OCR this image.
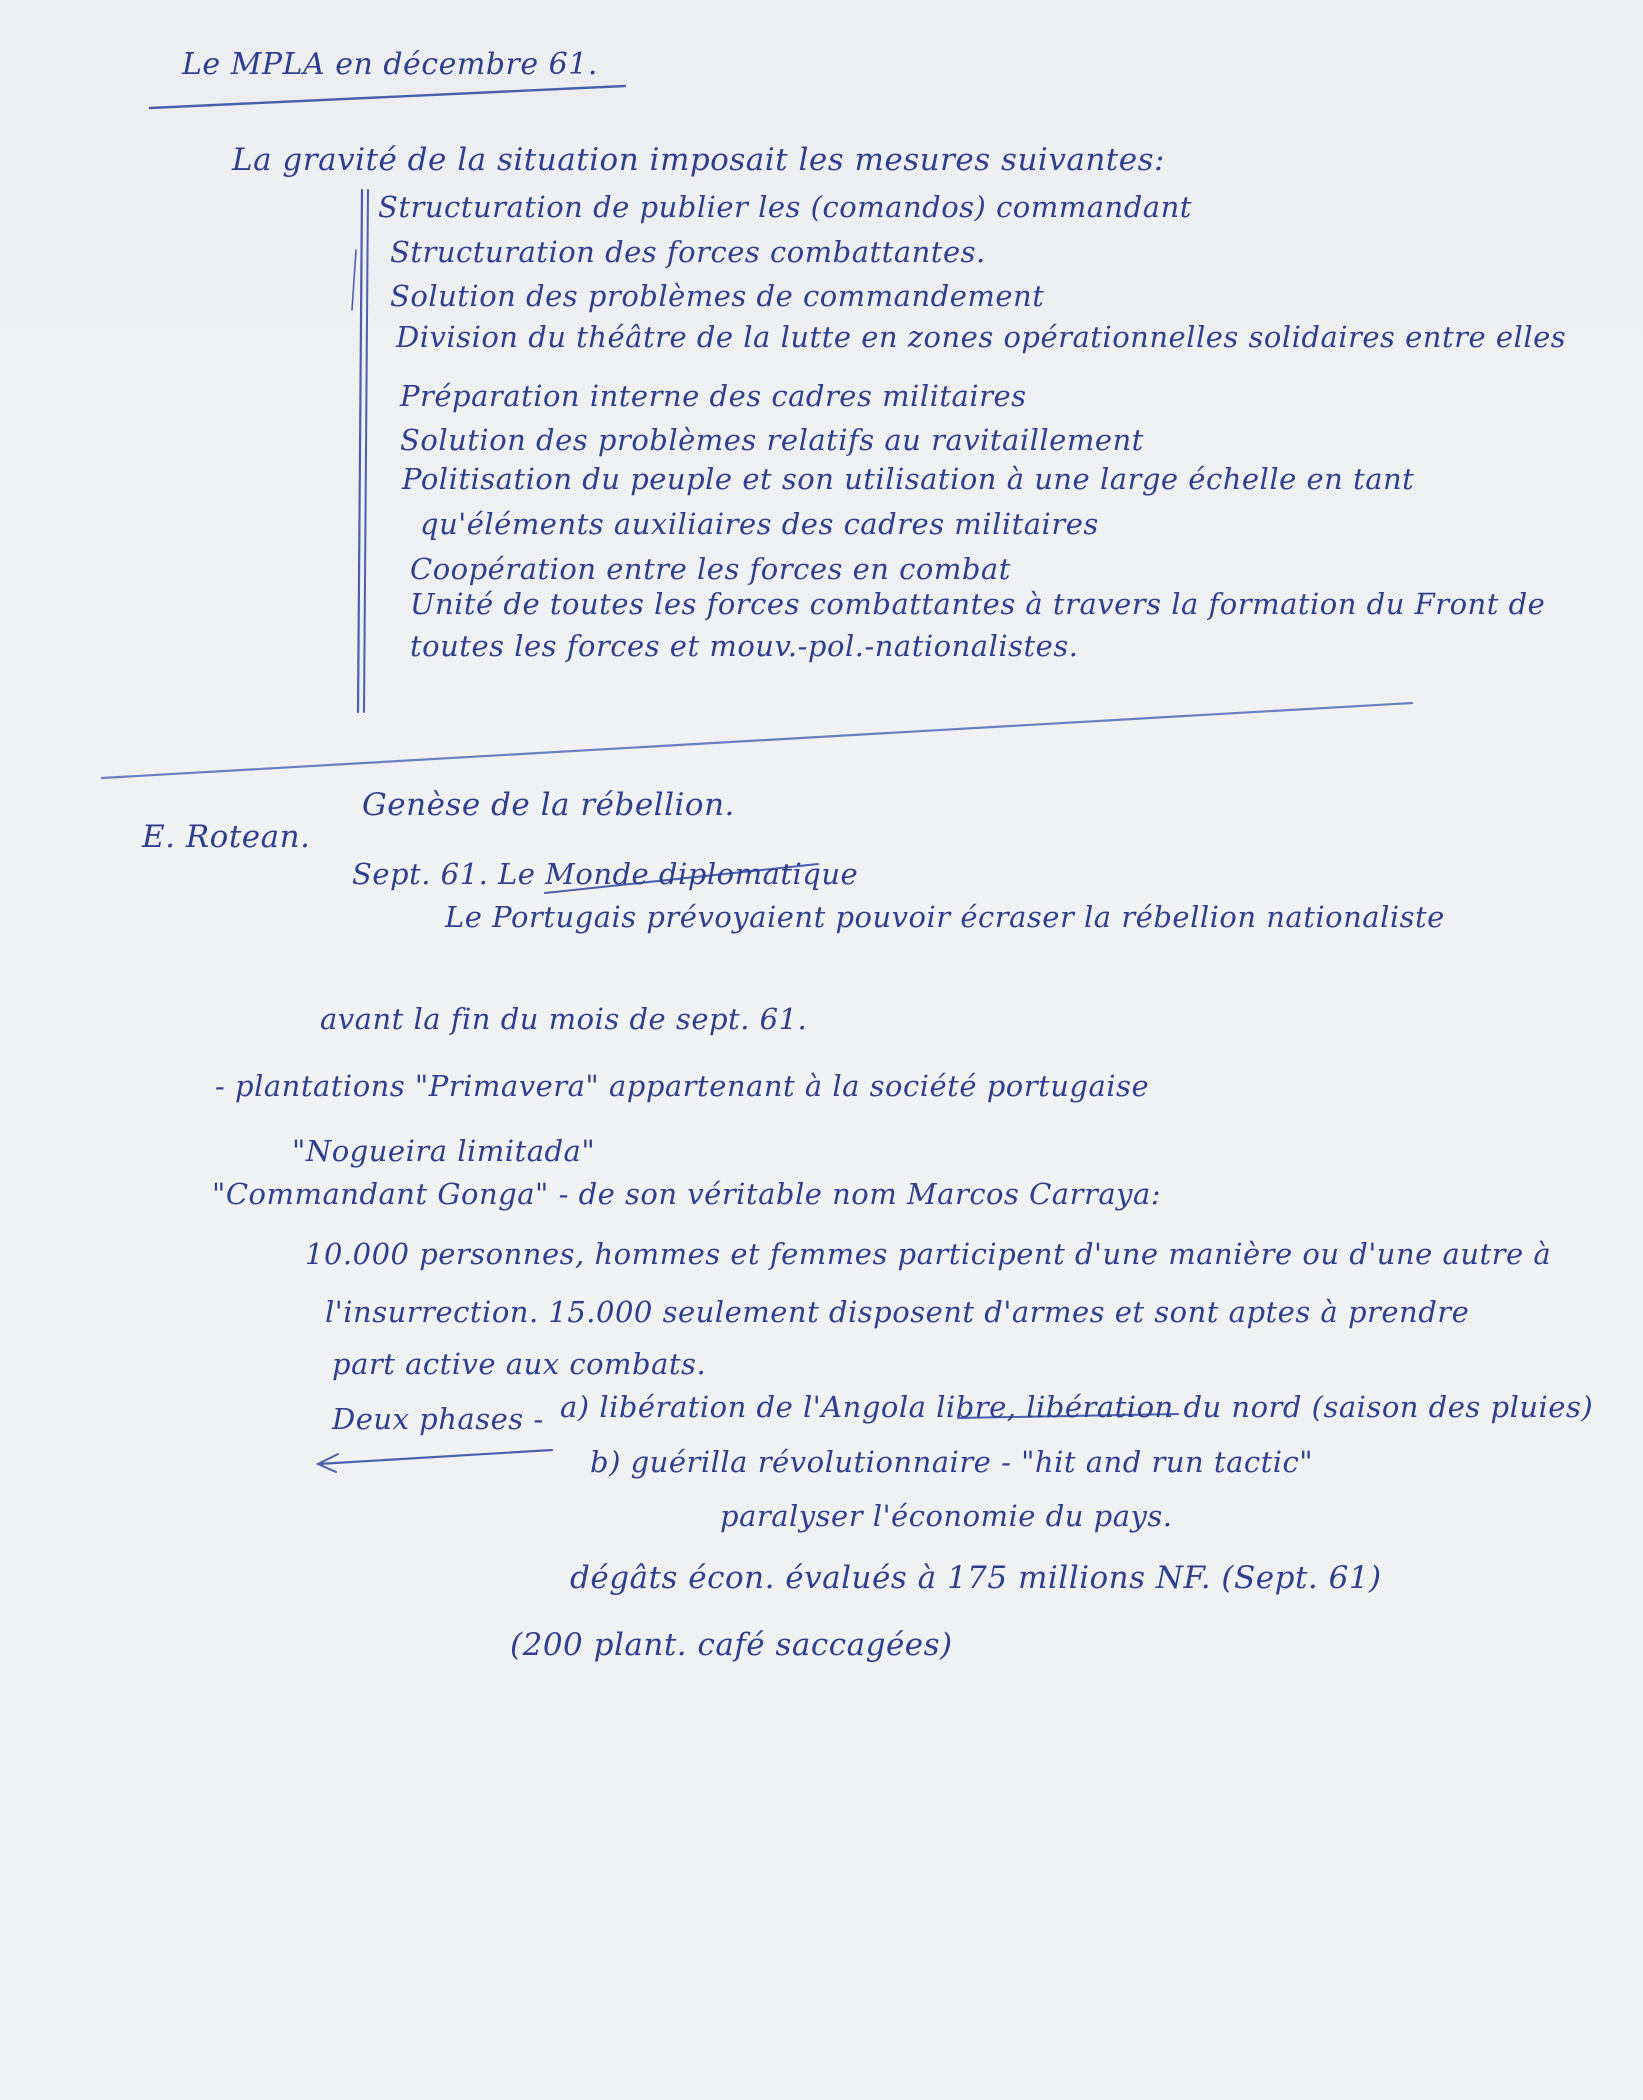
Le MPLA en décembre 61.
La gravité de la situation imposait les mesures suivantes:
Structuration de publier les (comandos) commandant
Structuration des forces combattantes.
Solution des problèmes de commandement
Division du théâtre de la lutte en zones opérationnelles solidaires entre elles
Préparation interne des cadres militaires
Solution des problèmes relatifs au ravitaillement
Politisation du peuple et son utilisation à une large échelle en tant
qu'éléments auxiliaires des cadres militaires
Coopération entre les forces en combat
Unité de toutes les forces combattantes à travers la formation du Front de
toutes les forces et mouv.-pol.-nationalistes.
E. Rotean.
Genèse de la rébellion.
Sept. 61. Le Monde diplomatique
Le Portugais prévoyaient pouvoir écraser la rébellion nationaliste
avant la fin du mois de sept. 61.
- plantations "Primavera" appartenant à la société portugaise
"Nogueira limitada"
"Commandant Gonga" - de son véritable nom Marcos Carraya:
10.000 personnes, hommes et femmes participent d'une manière ou d'une autre à
l'insurrection. 15.000 seulement disposent d'armes et sont aptes à prendre
part active aux combats.
Deux phases - a) libération de l'Angola libre, libération du nord (saison des pluies)
b) guérilla révolutionnaire - "hit and run tactic"
paralyser l'économie du pays.
dégâts écon. évalués à 175 millions NF. (Sept. 61)
(200 plant. café saccagées)
